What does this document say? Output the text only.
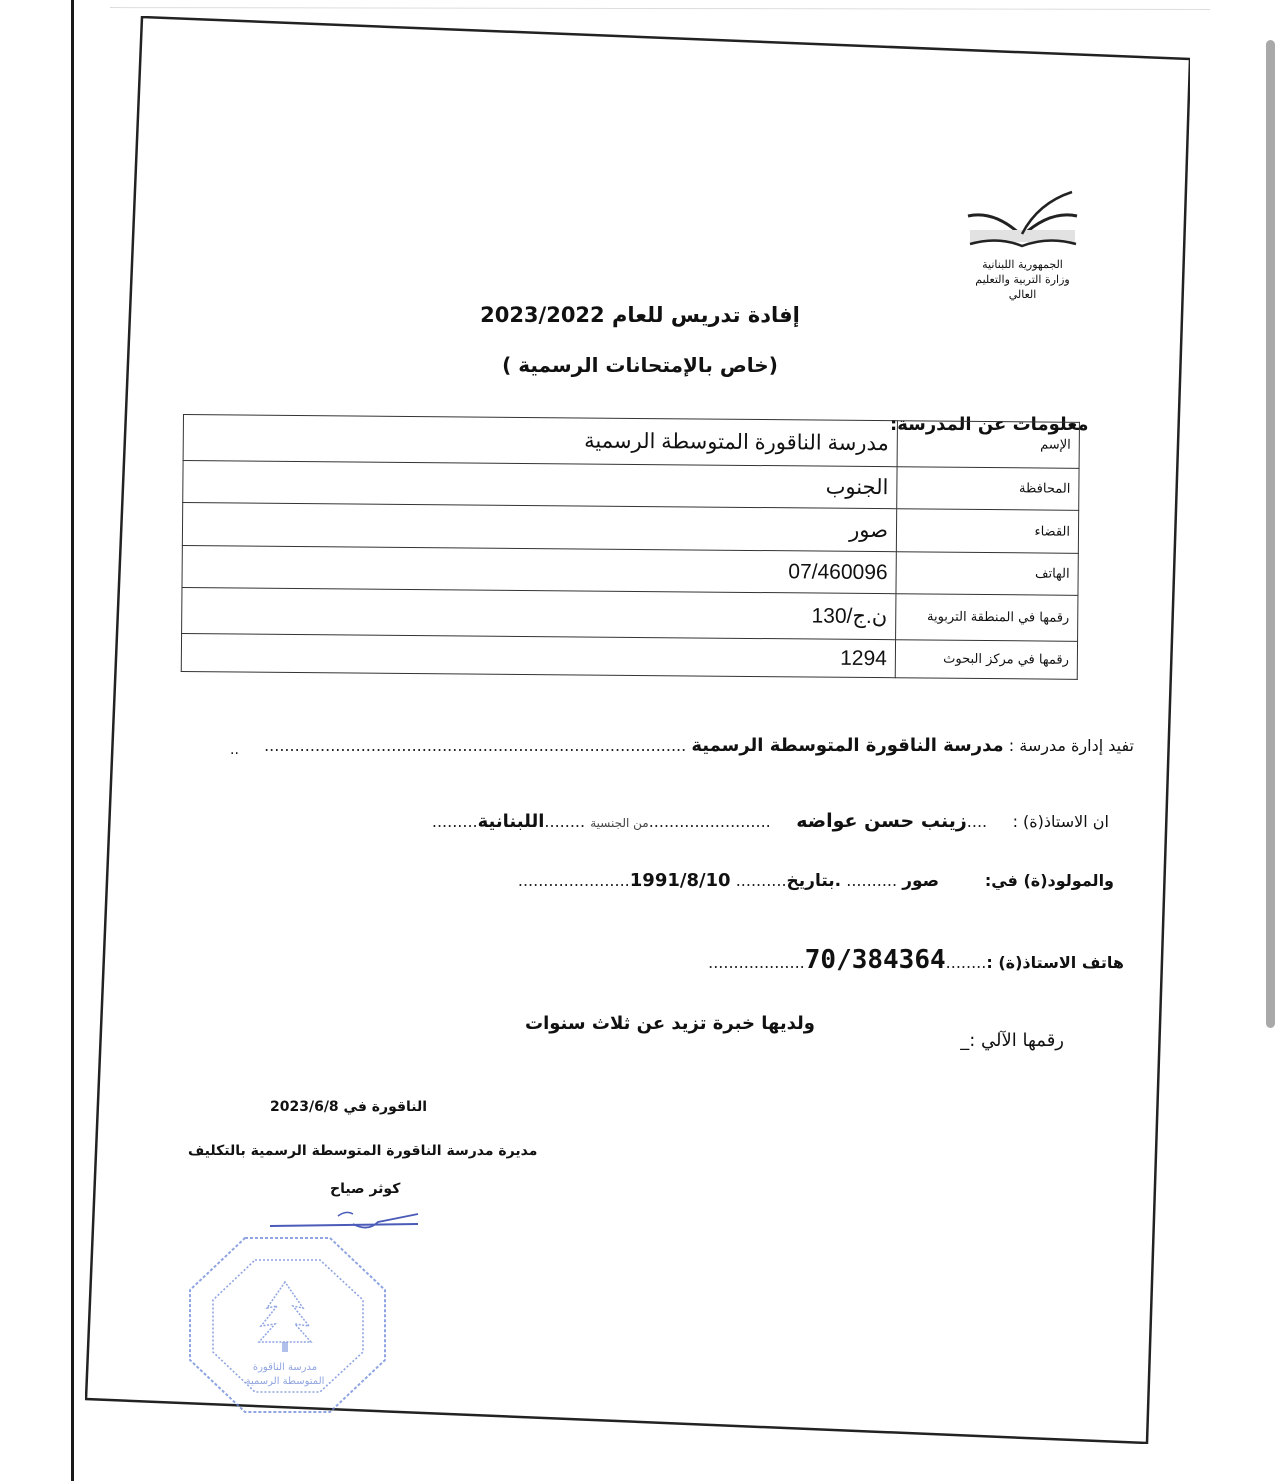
الجمهورية اللبنانية
وزارة التربية والتعليم العالي
إفادة تدريس للعام 2023/2022
(خاص بالإمتحانات الرسمية )
معلومات عن المدرسة:
الإسم	مدرسة الناقورة المتوسطة الرسمية
المحافظة	الجنوب
القضاء	صور
الهاتف	07/460096
رقمها في المنطقة التربوية	ن.ج/130
رقمها في مركز البحوث	1294
تفيد إدارة مدرسة : مدرسة الناقورة المتوسطة الرسمية ...................................................................................
..
ان الاستاذ(ة) :     ....زينب حسن عواضه     ........................من الجنسية ........اللبنانية.........
والمولود(ة) في:         صور .......... .بتاريخ.......... 1991/8/10......................
هاتف الاستاذ(ة) :........70/384364...................
ولديها خبرة تزيد عن ثلاث سنوات
رقمها الآلي :_
الناقورة في 2023/6/8
مديرة مدرسة الناقورة المتوسطة الرسمية بالتكليف
كوثر صياح
مدرسة الناقورة
المتوسطة الرسمية
